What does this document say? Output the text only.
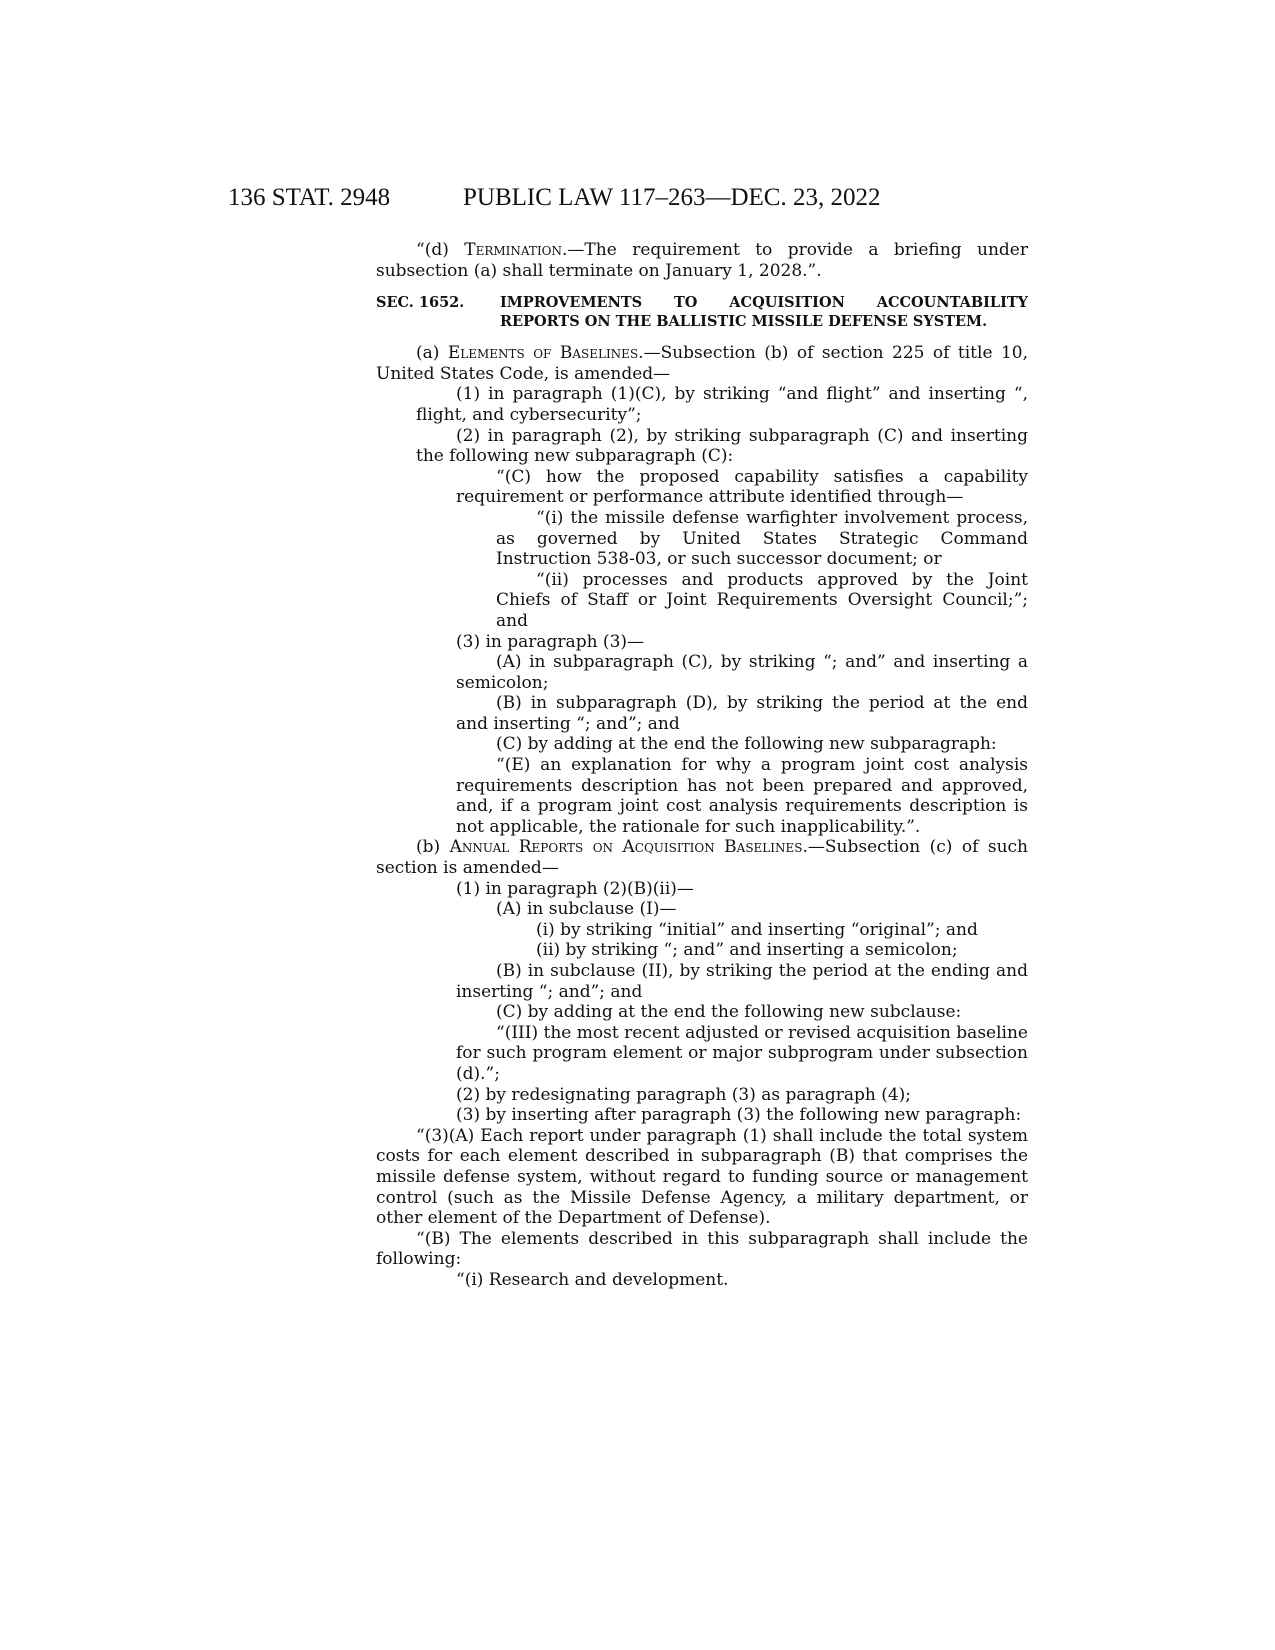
136 STAT. 2948	PUBLIC LAW 117–263—DEC. 23, 2022

“(d) Termination.—The requirement to provide a briefing under subsection (a) shall terminate on January 1, 2028.”.

SEC. 1652.	IMPROVEMENTS TO ACQUISITION ACCOUNTABILITY REPORTS ON THE BALLISTIC MISSILE DEFENSE SYSTEM.

(a) Elements of Baselines.—Subsection (b) of section 225 of title 10, United States Code, is amended—

(1) in paragraph (1)(C), by striking “and flight” and inserting “, flight, and cybersecurity”;

(2) in paragraph (2), by striking subparagraph (C) and inserting the following new subparagraph (C):

“(C) how the proposed capability satisfies a capability requirement or performance attribute identified through—

“(i) the missile defense warfighter involvement process, as governed by United States Strategic Command Instruction 538-03, or such successor document; or

“(ii) processes and products approved by the Joint Chiefs of Staff or Joint Requirements Oversight Council;”; and

(3) in paragraph (3)—

(A) in subparagraph (C), by striking “; and” and inserting a semicolon;

(B) in subparagraph (D), by striking the period at the end and inserting “; and”; and

(C) by adding at the end the following new subparagraph:

“(E) an explanation for why a program joint cost analysis requirements description has not been prepared and approved, and, if a program joint cost analysis requirements description is not applicable, the rationale for such inapplicability.”.

(b) Annual Reports on Acquisition Baselines.—Subsection (c) of such section is amended—

(1) in paragraph (2)(B)(ii)—

(A) in subclause (I)—

(i) by striking “initial” and inserting “original”; and

(ii) by striking “; and” and inserting a semicolon;

(B) in subclause (II), by striking the period at the ending and inserting “; and”; and

(C) by adding at the end the following new subclause:

“(III) the most recent adjusted or revised acquisition baseline for such program element or major subprogram under subsection (d).”;

(2) by redesignating paragraph (3) as paragraph (4);

(3) by inserting after paragraph (3) the following new paragraph:

“(3)(A) Each report under paragraph (1) shall include the total system costs for each element described in subparagraph (B) that comprises the missile defense system, without regard to funding source or management control (such as the Missile Defense Agency, a military department, or other element of the Department of Defense).

“(B) The elements described in this subparagraph shall include the following:

“(i) Research and development.
